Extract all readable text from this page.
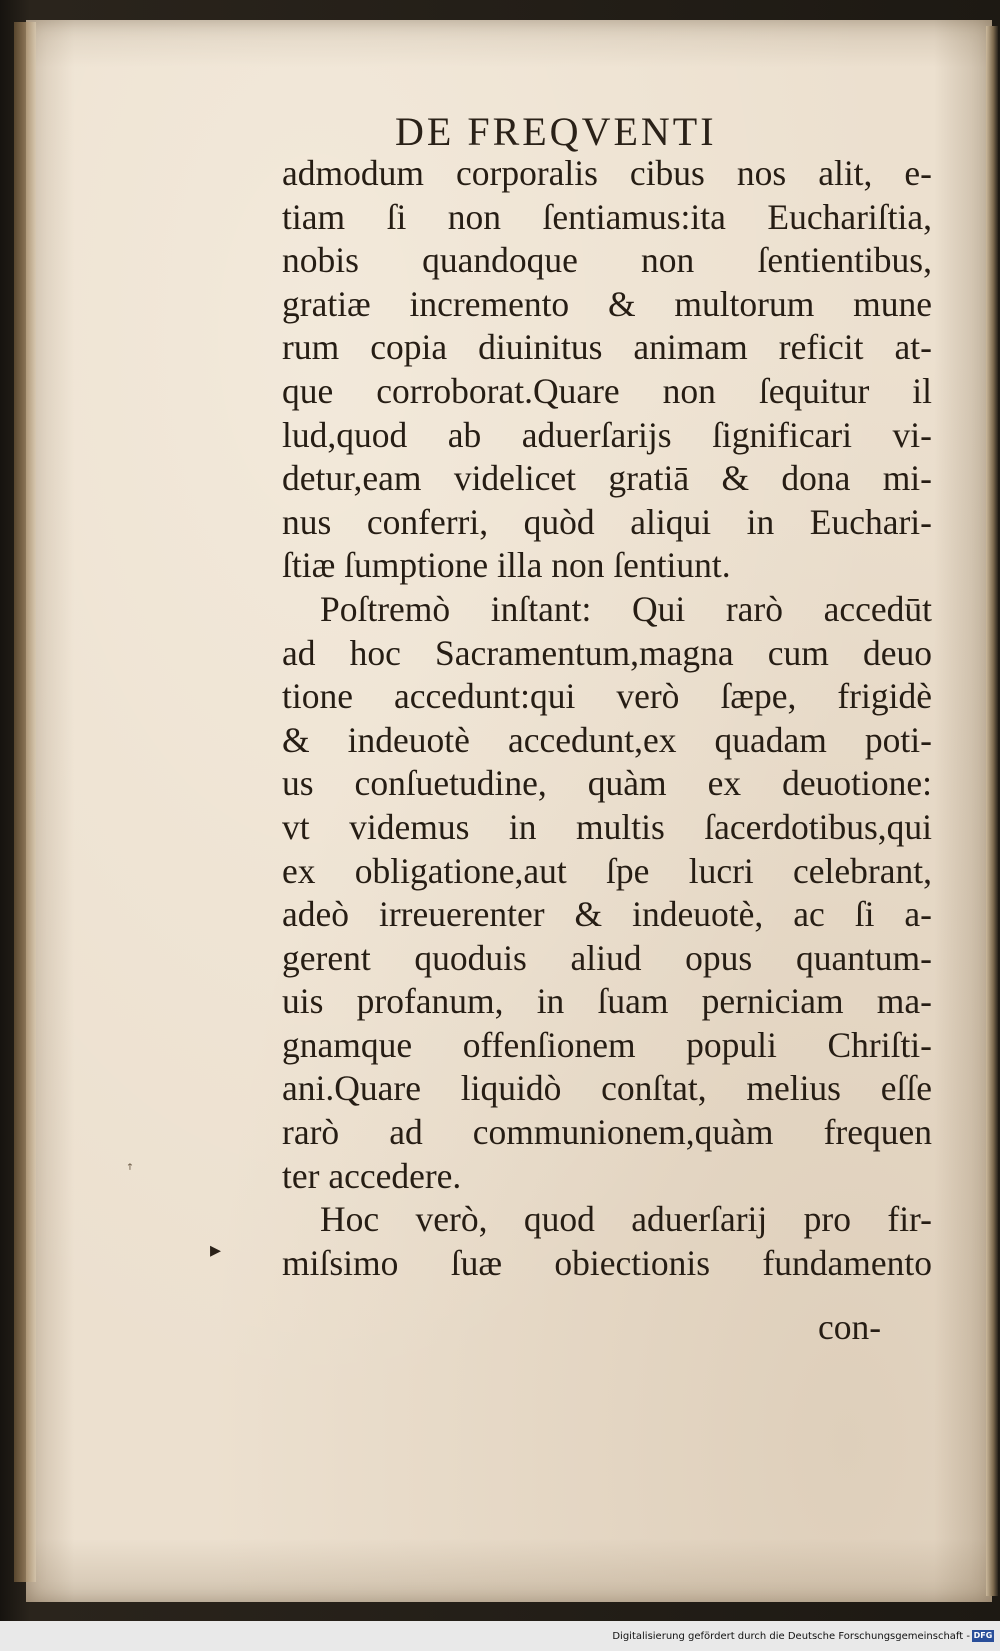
DE FREQVENTI
admodum corporalis cibus nos alit, e-
tiam ſi non ſentiamus:ita Euchariſtia,
nobis quandoque non ſentientibus,
gratiæ incremento & multorum mune
rum copia diuinitus animam reficit at-
que corroborat.Quare non ſequitur il
lud,quod ab aduerſarijs ſignificari vi-
detur,eam videlicet gratiā & dona mi-
nus conferri, quòd aliqui in Euchari-
ſtiæ ſumptione illa non ſentiunt.
Poſtremò inſtant: Qui rarò accedūt
ad hoc Sacramentum,magna cum deuo
tione accedunt:qui verò ſæpe, frigidè
& indeuotè accedunt,ex quadam poti-
us conſuetudine, quàm ex deuotione:
vt videmus in multis ſacerdotibus,qui
ex obligatione,aut ſpe lucri celebrant,
adeò irreuerenter & indeuotè, ac ſi a-
gerent quoduis aliud opus quantum-
uis profanum, in ſuam perniciam ma-
gnamque offenſionem populi Chriſti-
ani.Quare liquidò conſtat, melius eſſe
rarò ad communionem,quàm frequen
ter accedere.
Hoc verò, quod aduerſarij pro fir-
miſsimo ſuæ obiectionis fundamento
con-
ꜛ
▸
Digitalisierung gefördert durch die Deutsche Forschungsgemeinschaft - DFG
